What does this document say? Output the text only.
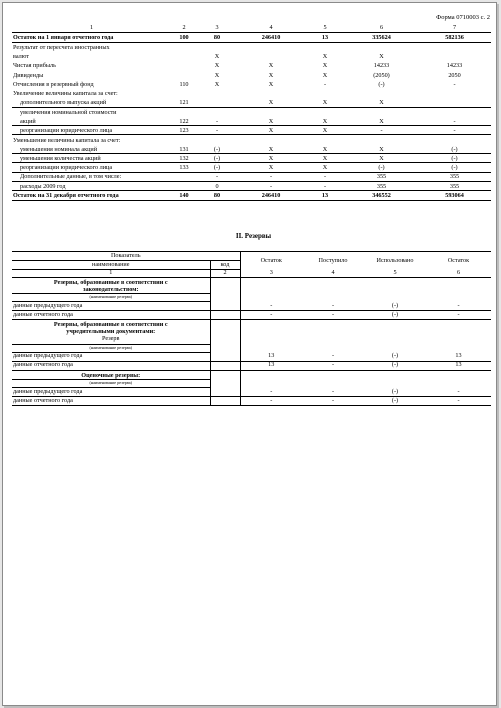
Форма 0710003 с. 2
1	2	3	4	5	6	7
Остаток на 1 января отчетного года	100	80	246410	13	335624	582136
Результат от пересчета иностранных						
валют		X		X	X	
Чистая прибыль		X	X	X	14233	14233
Дивиденды		X	X	X	(2050)	2050
Отчисления в резервный фонд	110	X	X	-	(-)	-
Увеличение величины капитала за счет:						
дополнительного выпуска акций	121		X	X	X	
увеличения номинальной стоимости						
акций	122	-	X	X	X	-
реорганизации юридического лица	123	-	X	X	-	-
Уменьшение величины капитала за счет:						
уменьшения номинала акций	131	(-)	X	X	X	(-)
уменьшения количества акций	132	(-)	X	X	X	(-)
реорганизации юридического лица	133	(-)	X	X	(-)	(-)
Дополнительные данные, в том числе:		-	-	-	355	355
расходы 2009 год		0	-	-	355	355
Остаток на 31 декабря отчетного года	140	80	246410	13	346552	593064
II. Резервы
Показатель		Остаток	Поступило	Использовано	Остаток
наименование	код				
1	2	3	4	5	6
Резервы, образованные в соответствии с законодательством:					
(наименование резерва)					
данные предыдущего года		-	-	(-)	-
данные отчетного года		-	-	(-)	-
Резервы, образованные в соответствии с учредительными документами:					
Резерв					
(наименование резерва)					
данные предыдущего года		13	-	(-)	13
данные отчетного года		13	-	(-)	13
Оценочные резервы:					
(наименование резерва)					
данные предыдущего года		-	-	(-)	-
данные отчетного года		-	-	(-)	-
